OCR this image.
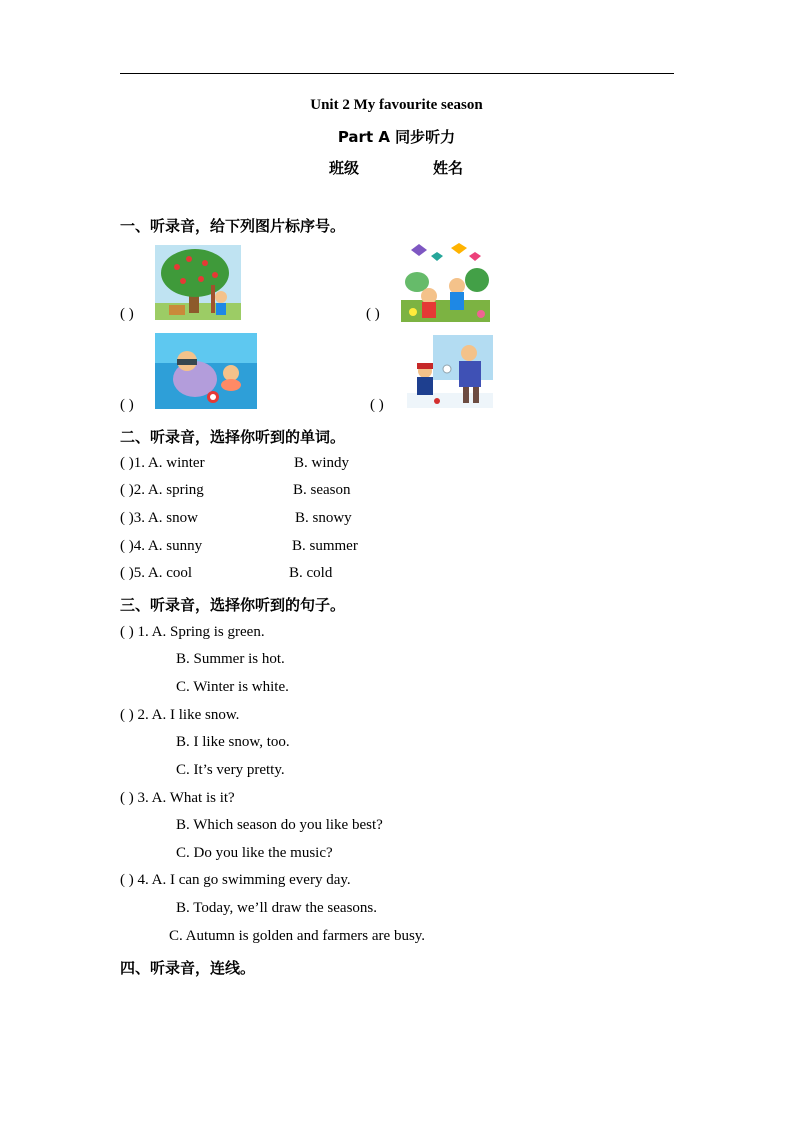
Unit 2 My favourite season
Part A 同步听力
班级	姓名
一、听录音，给下列图片标序号。
( )	( )
( )	( )
二、听录音，选择你听到的单词。
( )1. A. winter	B. windy
( )2. A. spring	B. season
( )3. A. snow	B. snowy
( )4. A. sunny	B. summer
( )5. A. cool	B. cold
三、听录音，选择你听到的句子。
( ) 1. A. Spring is green.
B. Summer is hot.
C. Winter is white.
( ) 2. A. I like snow.
B. I like snow, too.
C. It’s very pretty.
( ) 3. A. What is it?
B. Which season do you like best?
C. Do you like the music?
( ) 4. A. I can go swimming every day.
B. Today, we’ll draw the seasons.
C. Autumn is golden and farmers are busy.
四、听录音，连线。
